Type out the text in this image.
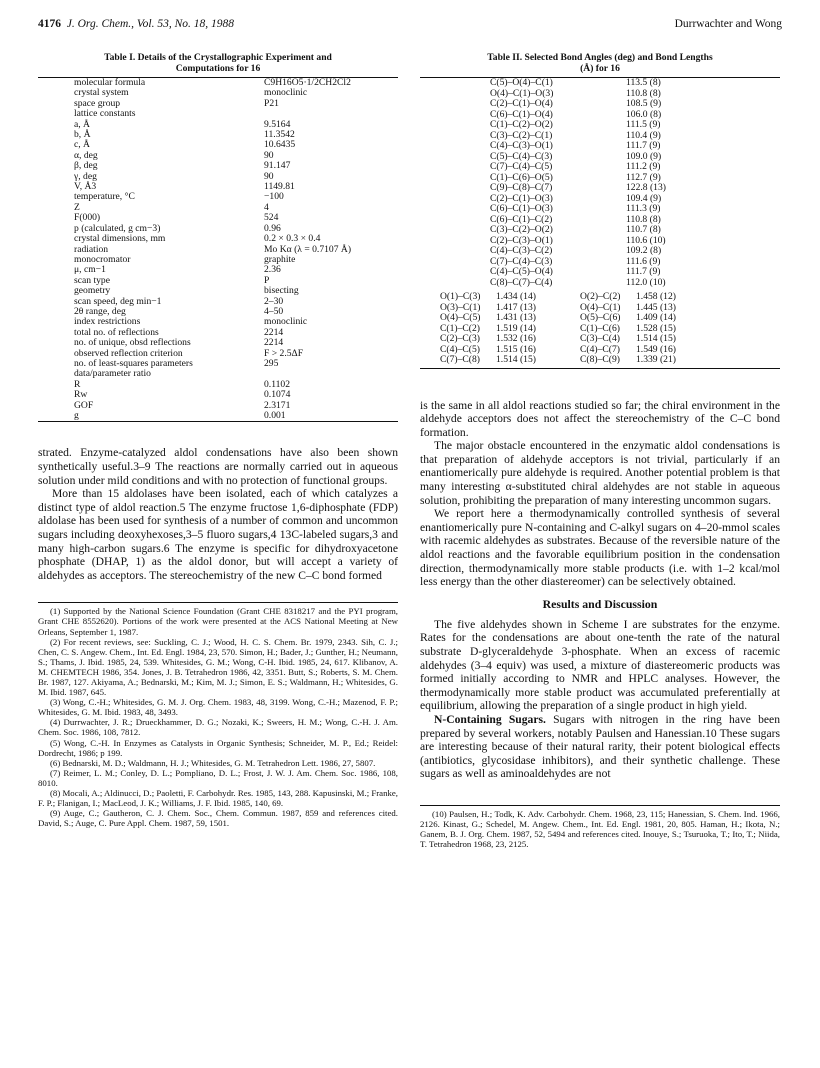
4176 J. Org. Chem., Vol. 53, No. 18, 1988	Durrwachter and Wong
Table I. Details of the Crystallographic Experiment and
Computations for 16
molecular formula	C9H16O5·1/2CH2Cl2
crystal system	monoclinic
space group	P21
lattice constants	
a, Å	9.5164
b, Å	11.3542
c, Å	10.6435
α, deg	90
β, deg	91.147
γ, deg	90
V, Å3	1149.81
temperature, °C	−100
Z	4
F(000)	524
p (calculated, g cm−3)	0.96
crystal dimensions, mm	0.2 × 0.3 × 0.4
radiation	Mo Kα (λ = 0.7107 Å)
monocromator	graphite
μ, cm−1	2.36
scan type	P
geometry	bisecting
scan speed, deg min−1	2–30
2θ range, deg	4–50
index restrictions	monoclinic
total no. of reflections	2214
no. of unique, obsd reflections	2214
observed reflection criterion	F > 2.5ΔF
no. of least-squares parameters	295
data/parameter ratio	
R	0.1102
Rw	0.1074
GOF	2.3171
g	0.001

strated. Enzyme-catalyzed aldol condensations have also been shown synthetically useful.3–9 The reactions are normally carried out in aqueous solution under mild conditions and with no protection of functional groups.

More than 15 aldolases have been isolated, each of which catalyzes a distinct type of aldol reaction.5 The enzyme fructose 1,6-diphosphate (FDP) aldolase has been used for synthesis of a number of common and uncommon sugars including deoxyhexoses,3–5 fluoro sugars,4 13C-labeled sugars,3 and many high-carbon sugars.6 The enzyme is specific for dihydroxyacetone phosphate (DHAP, 1) as the aldol donor, but will accept a variety of aldehydes as acceptors. The stereochemistry of the new C–C bond formed

(1) Supported by the National Science Foundation (Grant CHE 8318217 and the PYI program, Grant CHE 8552620). Portions of the work were presented at the ACS National Meeting at New Orleans, September 1, 1987.

(2) For recent reviews, see: Suckling, C. J.; Wood, H. C. S. Chem. Br. 1979, 2343. Sih, C. J.; Chen, C. S. Angew. Chem., Int. Ed. Engl. 1984, 23, 570. Simon, H.; Bader, J.; Gunther, H.; Neumann, S.; Thams, J. Ibid. 1985, 24, 539. Whitesides, G. M.; Wong, C-H. Ibid. 1985, 24, 617. Klibanov, A. M. CHEMTECH 1986, 354. Jones, J. B. Tetrahedron 1986, 42, 3351. Butt, S.; Roberts, S. M. Chem. Br. 1987, 127. Akiyama, A.; Bednarski, M.; Kim, M. J.; Simon, E. S.; Waldmann, H.; Whitesides, G. M. Ibid. 1987, 645.

(3) Wong, C.-H.; Whitesides, G. M. J. Org. Chem. 1983, 48, 3199. Wong, C.-H.; Mazenod, F. P.; Whitesides, G. M. Ibid. 1983, 48, 3493.

(4) Durrwachter, J. R.; Drueckhammer, D. G.; Nozaki, K.; Sweers, H. M.; Wong, C.-H. J. Am. Chem. Soc. 1986, 108, 7812.

(5) Wong, C.-H. In Enzymes as Catalysts in Organic Synthesis; Schneider, M. P., Ed.; Reidel: Dordrecht, 1986; p 199.

(6) Bednarski, M. D.; Waldmann, H. J.; Whitesides, G. M. Tetrahedron Lett. 1986, 27, 5807.

(7) Reimer, L. M.; Conley, D. L.; Pompliano, D. L.; Frost, J. W. J. Am. Chem. Soc. 1986, 108, 8010.

(8) Mocali, A.; Aldinucci, D.; Paoletti, F. Carbohydr. Res. 1985, 143, 288. Kapusinski, M.; Franke, F. P.; Flanigan, I.; MacLeod, J. K.; Williams, J. F. Ibid. 1985, 140, 69.

(9) Auge, C.; Gautheron, C. J. Chem. Soc., Chem. Commun. 1987, 859 and references cited. David, S.; Auge, C. Pure Appl. Chem. 1987, 59, 1501.

Table II. Selected Bond Angles (deg) and Bond Lengths
(Å) for 16
C(5)–O(4)–C(1)	113.5 (8)
O(4)–C(1)–O(3)	110.8 (8)
C(2)–C(1)–O(4)	108.5 (9)
C(6)–C(1)–O(4)	106.0 (8)
C(1)–C(2)–O(2)	111.5 (9)
C(3)–C(2)–C(1)	110.4 (9)
C(4)–C(3)–O(1)	111.7 (9)
C(5)–C(4)–C(3)	109.0 (9)
C(7)–C(4)–C(5)	111.2 (9)
C(1)–C(6)–O(5)	112.7 (9)
C(9)–C(8)–C(7)	122.8 (13)
C(2)–C(1)–O(3)	109.4 (9)
C(6)–C(1)–O(3)	111.3 (9)
C(6)–C(1)–C(2)	110.8 (8)
C(3)–C(2)–O(2)	110.7 (8)
C(2)–C(3)–O(1)	110.6 (10)
C(4)–C(3)–C(2)	109.2 (8)
C(7)–C(4)–C(3)	111.6 (9)
C(4)–C(5)–O(4)	111.7 (9)
C(8)–C(7)–C(4)	112.0 (10)
O(1)–C(3)	1.434 (14)	O(2)–C(2)	1.458 (12)
O(3)–C(1)	1.417 (13)	O(4)–C(1)	1.445 (13)
O(4)–C(5)	1.431 (13)	O(5)–C(6)	1.409 (14)
C(1)–C(2)	1.519 (14)	C(1)–C(6)	1.528 (15)
C(2)–C(3)	1.532 (16)	C(3)–C(4)	1.514 (15)
C(4)–C(5)	1.515 (16)	C(4)–C(7)	1.549 (16)
C(7)–C(8)	1.514 (15)	C(8)–C(9)	1.339 (21)

is the same in all aldol reactions studied so far; the chiral environment in the aldehyde acceptors does not affect the stereochemistry of the C–C bond formation.

The major obstacle encountered in the enzymatic aldol condensations is that preparation of aldehyde acceptors is not trivial, particularly if an enantiomerically pure aldehyde is required. Another potential problem is that many interesting α-substituted chiral aldehydes are not stable in aqueous solution, prohibiting the preparation of many interesting uncommon sugars.

We report here a thermodynamically controlled synthesis of several enantiomerically pure N-containing and C-alkyl sugars on 4–20-mmol scales with racemic aldehydes as substrates. Because of the reversible nature of the aldol reactions and the favorable equilibrium position in the condensation direction, thermodynamically more stable products (i.e. with 1–2 kcal/mol less energy than the other diastereomer) can be selectively obtained.

Results and Discussion

The five aldehydes shown in Scheme I are substrates for the enzyme. Rates for the condensations are about one-tenth the rate of the natural substrate D-glyceraldehyde 3-phosphate. When an excess of racemic aldehydes (3–4 equiv) was used, a mixture of diastereomeric products was formed initially according to NMR and HPLC analyses. However, the thermodynamically more stable product was accumulated preferentially at equilibrium, allowing the preparation of a single product in high yield.

N-Containing Sugars. Sugars with nitrogen in the ring have been prepared by several workers, notably Paulsen and Hanessian.10 These sugars are interesting because of their natural rarity, their potent biological effects (antibiotics, glycosidase inhibitors), and their synthetic challenge. These sugars as well as aminoaldehydes are not

(10) Paulsen, H.; Todk, K. Adv. Carbohydr. Chem. 1968, 23, 115; Hanessian, S. Chem. Ind. 1966, 2126. Kinast, G.; Schedel, M. Angew. Chem., Int. Ed. Engl. 1981, 20, 805. Haman, H.; Ikota, N.; Ganem, B. J. Org. Chem. 1987, 52, 5494 and references cited. Inouye, S.; Tsuruoka, T.; Ito, T.; Niida, T. Tetrahedron 1968, 23, 2125.
